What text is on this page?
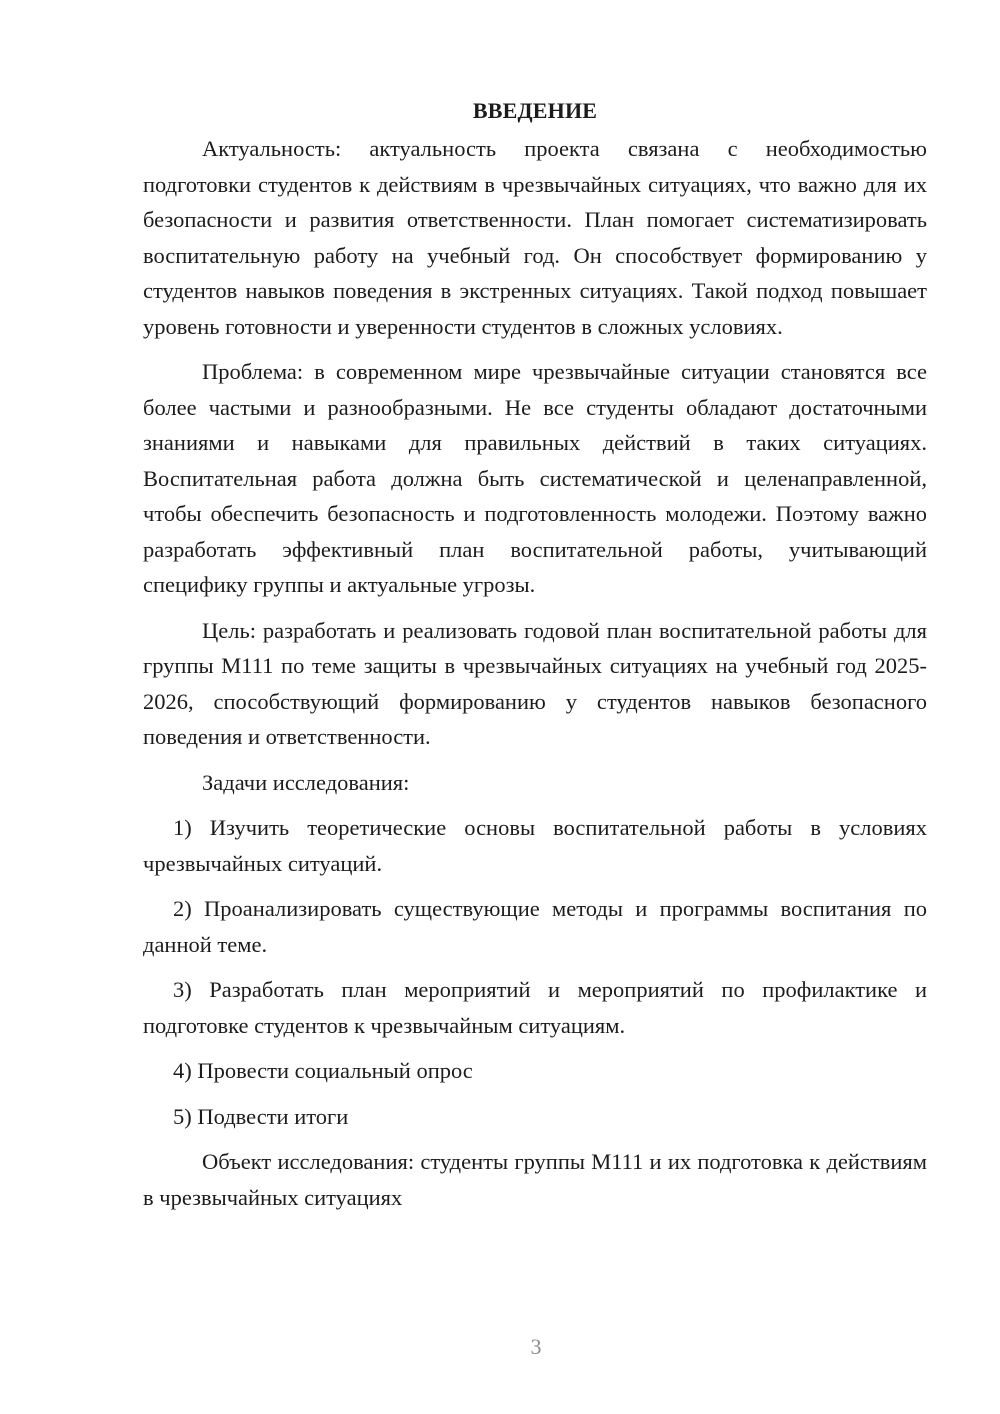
ВВЕДЕНИЕ

Актуальность: актуальность проекта связана с необходимостью подготовки студентов к действиям в чрезвычайных ситуациях, что важно для их безопасности и развития ответственности. План помогает систематизировать воспитательную работу на учебный год. Он способствует формированию у студентов навыков поведения в экстренных ситуациях. Такой подход повышает уровень готовности и уверенности студентов в сложных условиях.

Проблема: в современном мире чрезвычайные ситуации становятся все более частыми и разнообразными. Не все студенты обладают достаточными знаниями и навыками для правильных действий в таких ситуациях. Воспитательная работа должна быть систематической и целенаправленной, чтобы обеспечить безопасность и подготовленность молодежи. Поэтому важно разработать эффективный план воспитательной работы, учитывающий специфику группы и актуальные угрозы.

Цель: разработать и реализовать годовой план воспитательной работы для группы М111 по теме защиты в чрезвычайных ситуациях на учебный год 2025-2026, способствующий формированию у студентов навыков безопасного поведения и ответственности.

Задачи исследования:

1) Изучить теоретические основы воспитательной работы в условиях чрезвычайных ситуаций.

2) Проанализировать существующие методы и программы воспитания по данной теме.

3) Разработать план мероприятий и мероприятий по профилактике и подготовке студентов к чрезвычайным ситуациям.

4) Провести социальный опрос

5) Подвести итоги

Объект исследования: студенты группы М111 и их подготовка к действиям в чрезвычайных ситуациях

3
